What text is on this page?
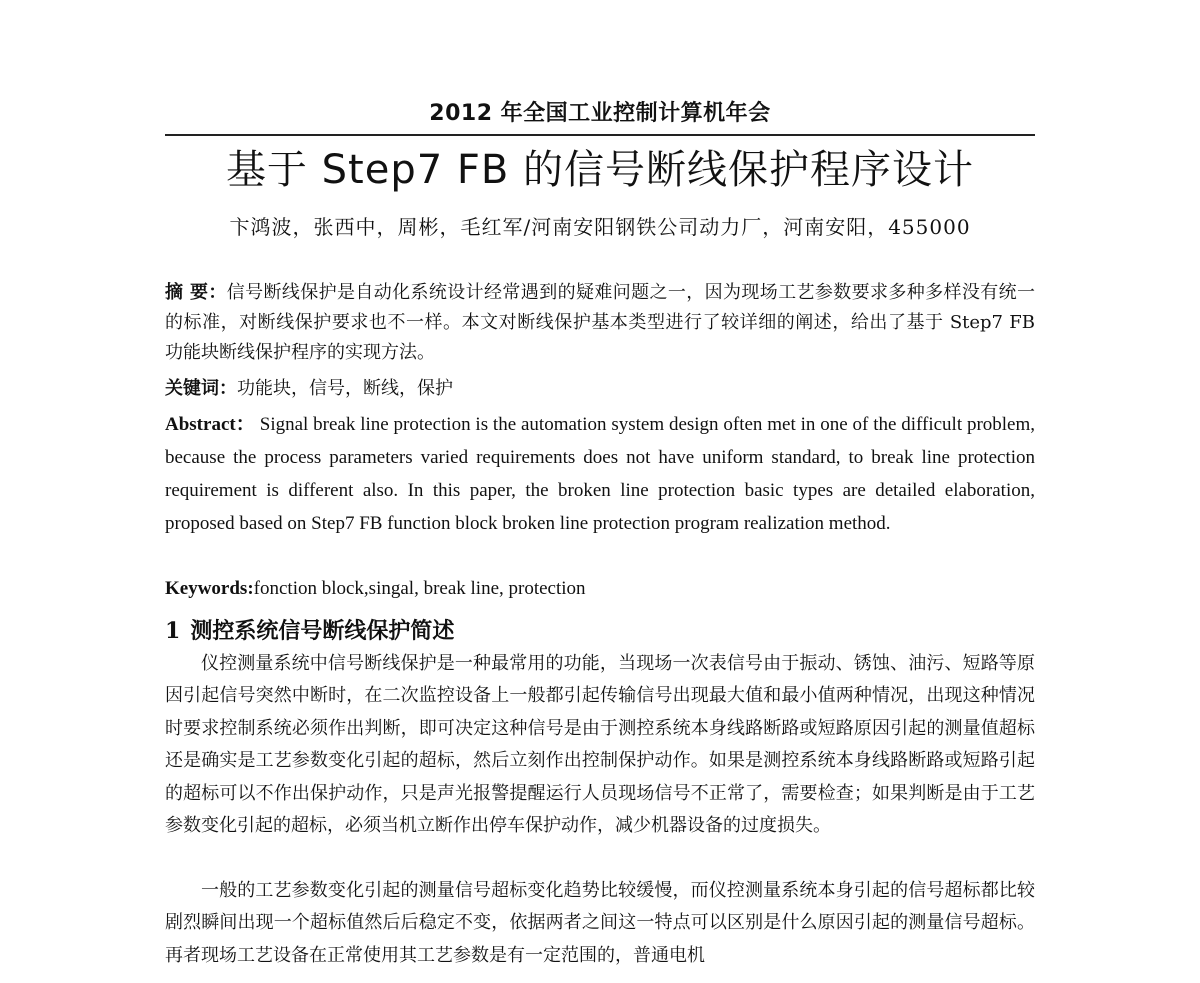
2012 年全国工业控制计算机年会
基于 Step7 FB 的信号断线保护程序设计
卞鸿波，张西中，周彬，毛红军/河南安阳钢铁公司动力厂，河南安阳，455000
摘 要：信号断线保护是自动化系统设计经常遇到的疑难问题之一，因为现场工艺参数要求多种多样没有统一的标准，对断线保护要求也不一样。本文对断线保护基本类型进行了较详细的阐述，给出了基于 Step7 FB 功能块断线保护程序的实现方法。
关键词：功能块，信号，断线，保护
Abstract： Signal break line protection is the automation system design often met in one of the difficult problem, because the process parameters varied requirements does not have uniform standard, to break line protection requirement is different also. In this paper, the broken line protection basic types are detailed elaboration, proposed based on Step7 FB function block broken line protection program realization method.
Keywords:fonction block,singal, break line, protection
1 测控系统信号断线保护简述

仪控测量系统中信号断线保护是一种最常用的功能，当现场一次表信号由于振动、锈蚀、油污、短路等原因引起信号突然中断时，在二次监控设备上一般都引起传输信号出现最大值和最小值两种情况，出现这种情况时要求控制系统必须作出判断，即可决定这种信号是由于测控系统本身线路断路或短路原因引起的测量值超标还是确实是工艺参数变化引起的超标，然后立刻作出控制保护动作。如果是测控系统本身线路断路或短路引起的超标可以不作出保护动作，只是声光报警提醒运行人员现场信号不正常了，需要检查；如果判断是由于工艺参数变化引起的超标，必须当机立断作出停车保护动作，减少机器设备的过度损失。

一般的工艺参数变化引起的测量信号超标变化趋势比较缓慢，而仪控测量系统本身引起的信号超标都比较剧烈瞬间出现一个超标值然后后稳定不变，依据两者之间这一特点可以区别是什么原因引起的测量信号超标。再者现场工艺设备在正常使用其工艺参数是有一定范围的，普通电机
